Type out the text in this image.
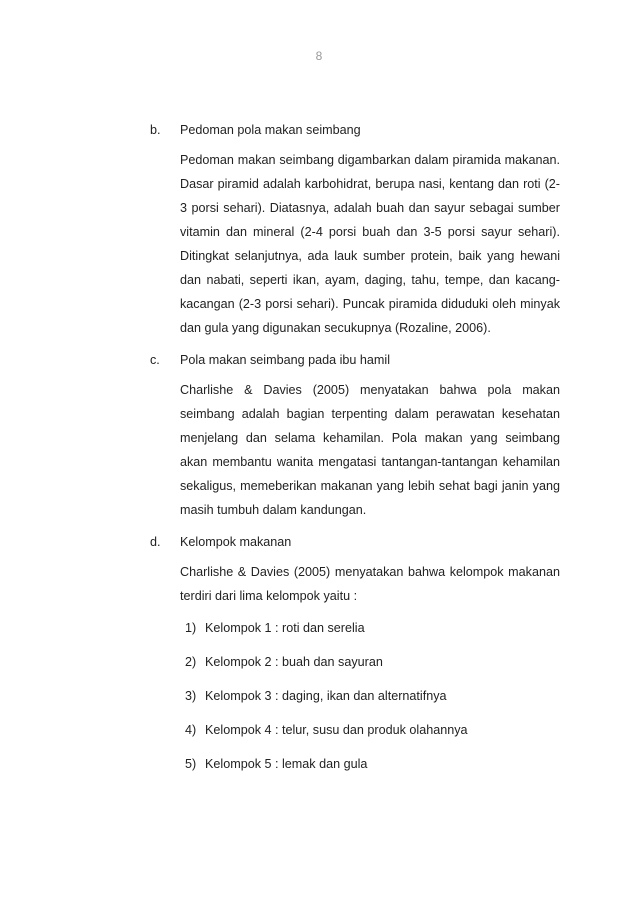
8
b.	Pedoman pola makan seimbang

Pedoman makan seimbang digambarkan dalam piramida makanan. Dasar piramid adalah karbohidrat, berupa nasi, kentang dan roti (2-3 porsi sehari). Diatasnya, adalah buah dan sayur sebagai sumber vitamin dan mineral (2-4 porsi buah dan 3-5 porsi sayur sehari). Ditingkat selanjutnya, ada lauk sumber protein, baik yang hewani dan nabati, seperti ikan, ayam, daging, tahu, tempe, dan kacang-kacangan (2-3 porsi sehari). Puncak piramida diduduki oleh minyak dan gula yang digunakan secukupnya (Rozaline, 2006).

c.	Pola makan seimbang pada ibu hamil

Charlishe & Davies (2005) menyatakan bahwa pola makan seimbang adalah bagian terpenting dalam perawatan kesehatan menjelang dan selama kehamilan. Pola makan yang seimbang akan membantu wanita mengatasi tantangan-tantangan kehamilan sekaligus, memeberikan makanan yang lebih sehat bagi janin yang masih tumbuh dalam kandungan.

d.	Kelompok makanan

Charlishe & Davies (2005) menyatakan bahwa kelompok makanan terdiri dari lima kelompok yaitu :

1) Kelompok 1 : roti dan serelia
2) Kelompok 2 : buah dan sayuran
3) Kelompok 3 : daging, ikan dan alternatifnya
4) Kelompok 4 : telur, susu dan produk olahannya
5) Kelompok 5 : lemak dan gula
